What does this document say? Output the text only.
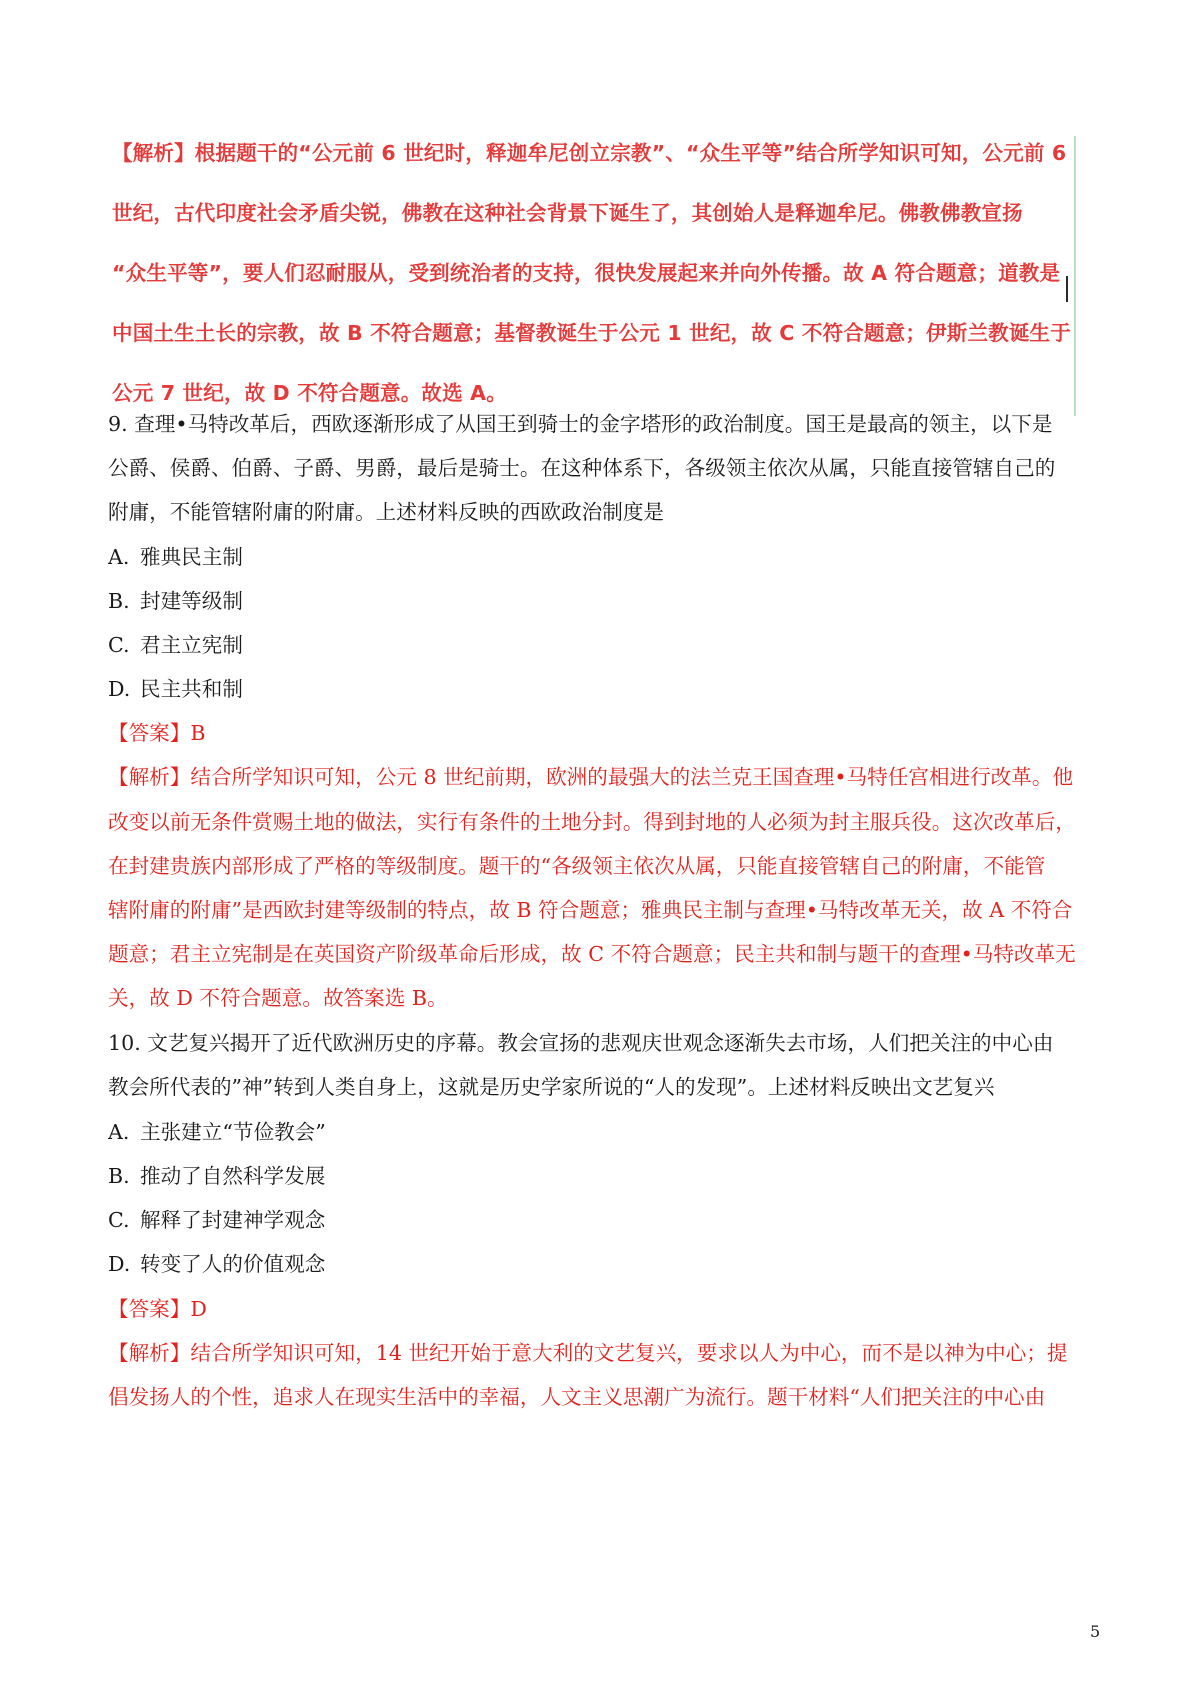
【解析】根据题干的“公元前 6 世纪时，释迦牟尼创立宗教”、“众生平等”结合所学知识可知，公元前 6
世纪，古代印度社会矛盾尖锐，佛教在这种社会背景下诞生了，其创始人是释迦牟尼。佛教佛教宣扬
“众生平等”，要人们忍耐服从，受到统治者的支持，很快发展起来并向外传播。故 A 符合题意；道教是
中国土生土长的宗教，故 B 不符合题意；基督教诞生于公元 1 世纪，故 C 不符合题意；伊斯兰教诞生于
公元 7 世纪，故 D 不符合题意。故选 A。
9. 查理•马特改革后，西欧逐渐形成了从国王到骑士的金字塔形的政治制度。国王是最高的领主，以下是
公爵、侯爵、伯爵、子爵、男爵，最后是骑士。在这种体系下，各级领主依次从属，只能直接管辖自己的
附庸，不能管辖附庸的附庸。上述材料反映的西欧政治制度是
A. 雅典民主制
B. 封建等级制
C. 君主立宪制
D. 民主共和制
【答案】B
【解析】结合所学知识可知，公元 8 世纪前期，欧洲的最强大的法兰克王国查理•马特任宫相进行改革。他
改变以前无条件赏赐土地的做法，实行有条件的土地分封。得到封地的人必须为封主服兵役。这次改革后，
在封建贵族内部形成了严格的等级制度。题干的“各级领主依次从属，只能直接管辖自己的附庸，不能管
辖附庸的附庸”是西欧封建等级制的特点，故 B 符合题意；雅典民主制与查理•马特改革无关，故 A 不符合
题意；君主立宪制是在英国资产阶级革命后形成，故 C 不符合题意；民主共和制与题干的查理•马特改革无
关，故 D 不符合题意。故答案选 B。
10. 文艺复兴揭开了近代欧洲历史的序幕。教会宣扬的悲观庆世观念逐渐失去市场，人们把关注的中心由
教会所代表的”神”转到人类自身上，这就是历史学家所说的“人的发现”。上述材料反映出文艺复兴
A. 主张建立“节俭教会”
B. 推动了自然科学发展
C. 解释了封建神学观念
D. 转变了人的价值观念
【答案】D
【解析】结合所学知识可知，14 世纪开始于意大利的文艺复兴，要求以人为中心，而不是以神为中心；提
倡发扬人的个性，追求人在现实生活中的幸福，人文主义思潮广为流行。题干材料“人们把关注的中心由
5
